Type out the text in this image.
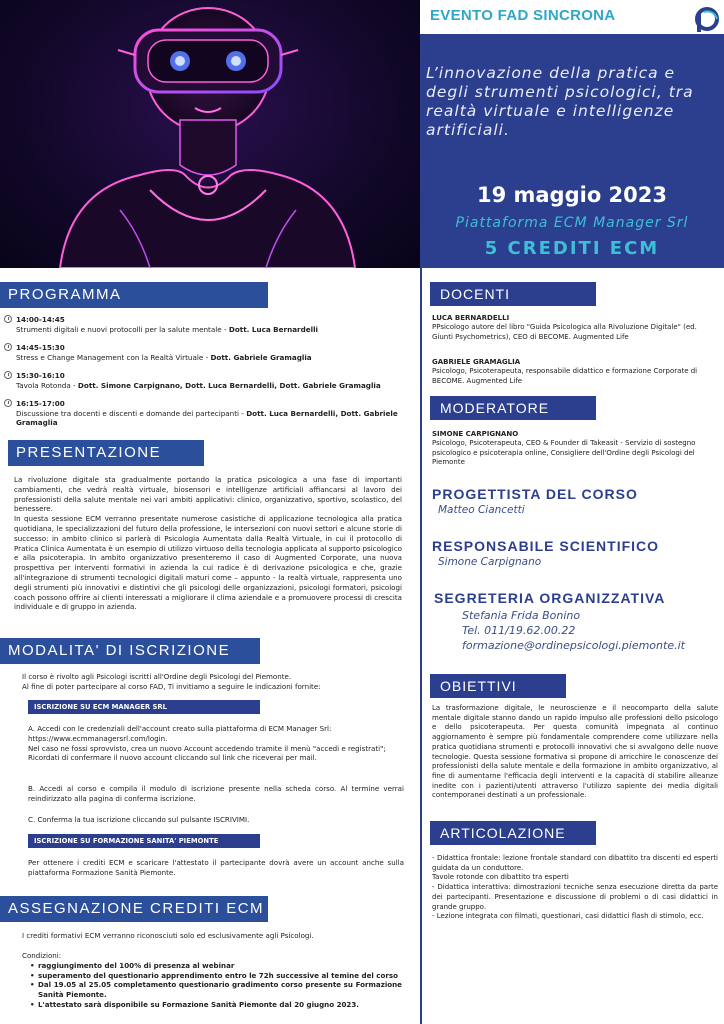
EVENTO FAD SINCRONA
L’innovazione della pratica e degli strumenti psicologici, tra realtà virtuale e intelligenze artificiali.
19 maggio 2023
Piattaforma ECM Manager Srl
5 CREDITI ECM
PROGRAMMA
14:00-14:45
Strumenti digitali e nuovi protocolli per la salute mentale - Dott. Luca Bernardelli
14:45-15:30
Stress e Change Management con la Realtà Virtuale - Dott. Gabriele Gramaglia
15:30-16:10
Tavola Rotonda - Dott. Simone Carpignano, Dott. Luca Bernardelli, Dott. Gabriele Gramaglia
16:15-17:00
Discussione tra docenti e discenti e domande dei partecipanti - Dott. Luca Bernardelli, Dott. Gabriele Gramaglia
PRESENTAZIONE
La rivoluzione digitale sta gradualmente portando la pratica psicologica a una fase di importanti cambiamenti, che vedrà realtà virtuale, biosensori e intelligenze artificiali affiancarsi al lavoro dei professionisti della salute mentale nei vari ambiti applicativi: clinico, organizzativo, sportivo, scolastico, del benessere.
In questa sessione ECM verranno presentate numerose casistiche di applicazione tecnologica alla pratica quotidiana, le specializzazioni del futuro della professione, le intersezioni con nuovi settori e alcune storie di successo: in ambito clinico si parlerà di Psicologia Aumentata dalla Realtà Virtuale, in cui il protocollo di Pratica Clinica Aumentata è un esempio di utilizzo virtuoso della tecnologia applicata al supporto psicologico e alla psicoterapia. In ambito organizzativo presenteremo il caso di Augmented Corporate, una nuova prospettiva per interventi formativi in azienda la cui radice è di derivazione psicologica e che, grazie all'integrazione di strumenti tecnologici digitali maturi come – appunto - la realtà virtuale, rappresenta uno degli strumenti più innovativi e distintivi che gli psicologi delle organizzazioni, psicologi formatori, psicologi coach possono offrire ai clienti interessati a migliorare il clima aziendale e a promuovere processi di crescita individuale e di gruppo in azienda.
MODALITA' DI ISCRIZIONE
Il corso è rivolto agli Psicologi iscritti all'Ordine degli Psicologi del Piemonte.
Al fine di poter partecipare al corso FAD, Ti invitiamo a seguire le indicazioni fornite:
ISCRIZIONE SU ECM MANAGER SRL
A. Accedi con le credenziali dell'account creato sulla piattaforma di ECM Manager Srl:
https://www.ecmmanagersrl.com/login.
Nel caso ne fossi sprovvisto, crea un nuovo Account accedendo tramite il menù "accedi e registrati";
Ricordati di confermare il nuovo account cliccando sul link che riceverai per mail.
B. Accedi al corso e compila il modulo di iscrizione presente nella scheda corso. Al termine verrai reindirizzato alla pagina di conferma iscrizione.
C. Conferma la tua iscrizione cliccando sul pulsante ISCRIVIMI.
ISCRIZIONE SU FORMAZIONE SANITA' PIEMONTE
Per ottenere i crediti ECM e scaricare l'attestato il partecipante dovrà avere un account anche sulla piattaforma Formazione Sanità Piemonte.
ASSEGNAZIONE CREDITI ECM
I crediti formativi ECM verranno riconosciuti solo ed esclusivamente agli Psicologi.
Condizioni:
• raggiungimento del 100% di presenza al webinar
• superamento del questionario apprendimento entro le 72h successive al temine del corso
• Dal 19.05 al 25.05 completamento questionario gradimento corso presente su Formazione Sanità Piemonte.
• L'attestato sarà disponibile su Formazione Sanità Piemonte dal 20 giugno 2023.
DOCENTI
LUCA BERNARDELLI
PPsicologo autore del libro "Guida Psicologica alla Rivoluzione Digitale" (ed. Giunti Psychometrics), CEO di BECOME. Augmented Life
GABRIELE GRAMAGLIA
Psicologo, Psicoterapeuta, responsabile didattico e formazione Corporate di BECOME. Augmented Life
MODERATORE
SIMONE CARPIGNANO
Psicologo, Psicoterapeuta, CEO & Founder di Takeasit - Servizio di sostegno psicologico e psicoterapia online, Consigliere dell'Ordine degli Psicologi del Piemonte
PROGETTISTA DEL CORSO
Matteo Ciancetti
RESPONSABILE SCIENTIFICO
Simone Carpignano
SEGRETERIA ORGANIZZATIVA
Stefania Frida Bonino
Tel. 011/19.62.00.22
formazione@ordinepsicologi.piemonte.it
OBIETTIVI
La trasformazione digitale, le neuroscienze e il neocomparto della salute mentale digitale stanno dando un rapido impulso alle professioni dello psicologo e dello psicoterapeuta. Per questa comunità impegnata al continuo aggiornamento è sempre più fondamentale comprendere come utilizzare nella pratica quotidiana strumenti e protocolli innovativi che si avvalgono delle nuove tecnologie. Questa sessione formativa si propone di arricchire le conoscenze dei professionisti della salute mentale e della formazione in ambito organizzativo, al fine di aumentarne l'efficacia degli interventi e la capacità di stabilire alleanze inedite con i pazienti/utenti attraverso l'utilizzo sapiente dei media digitali contemporanei destinati a un professionale.
ARTICOLAZIONE
- Didattica frontale: lezione frontale standard con dibattito tra discenti ed esperti guidata da un conduttore.
Tavole rotonde con dibattito tra esperti
- Didattica interattiva: dimostrazioni tecniche senza esecuzione diretta da parte dei partecipanti. Presentazione e discussione di problemi o di casi didattici in grande gruppo.
- Lezione integrata con filmati, questionari, casi didattici flash di stimolo, ecc.
